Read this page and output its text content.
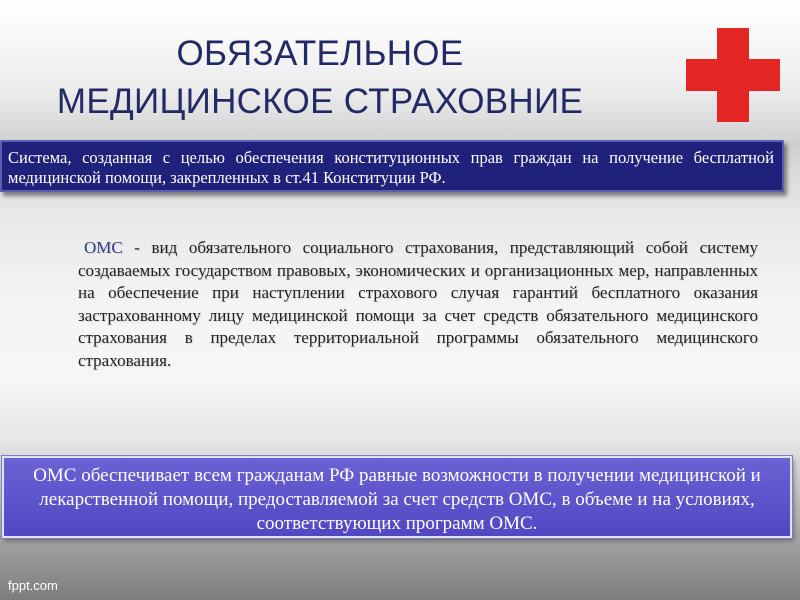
ОБЯЗАТЕЛЬНОЕ
МЕДИЦИНСКОЕ СТРАХОВНИЕ
Система, созданная с целью обеспечения конституционных прав граждан на получение бесплатной медицинской помощи, закрепленных в ст.41 Конституции РФ.
ОМС - вид обязательного социального страхования, представляющий собой систему создаваемых государством правовых, экономических и организационных мер, направленных на обеспечение при наступлении страхового случая гарантий бесплатного оказания застрахованному лицу медицинской помощи за счет средств обязательного медицинского страхования в пределах территориальной программы обязательного медицинского страхования.
ОМС обеспечивает всем гражданам РФ равные возможности в получении медицинской и лекарственной помощи, предоставляемой за счет средств ОМС, в объеме и на условиях, соответствующих программ ОМС.
fppt.com
